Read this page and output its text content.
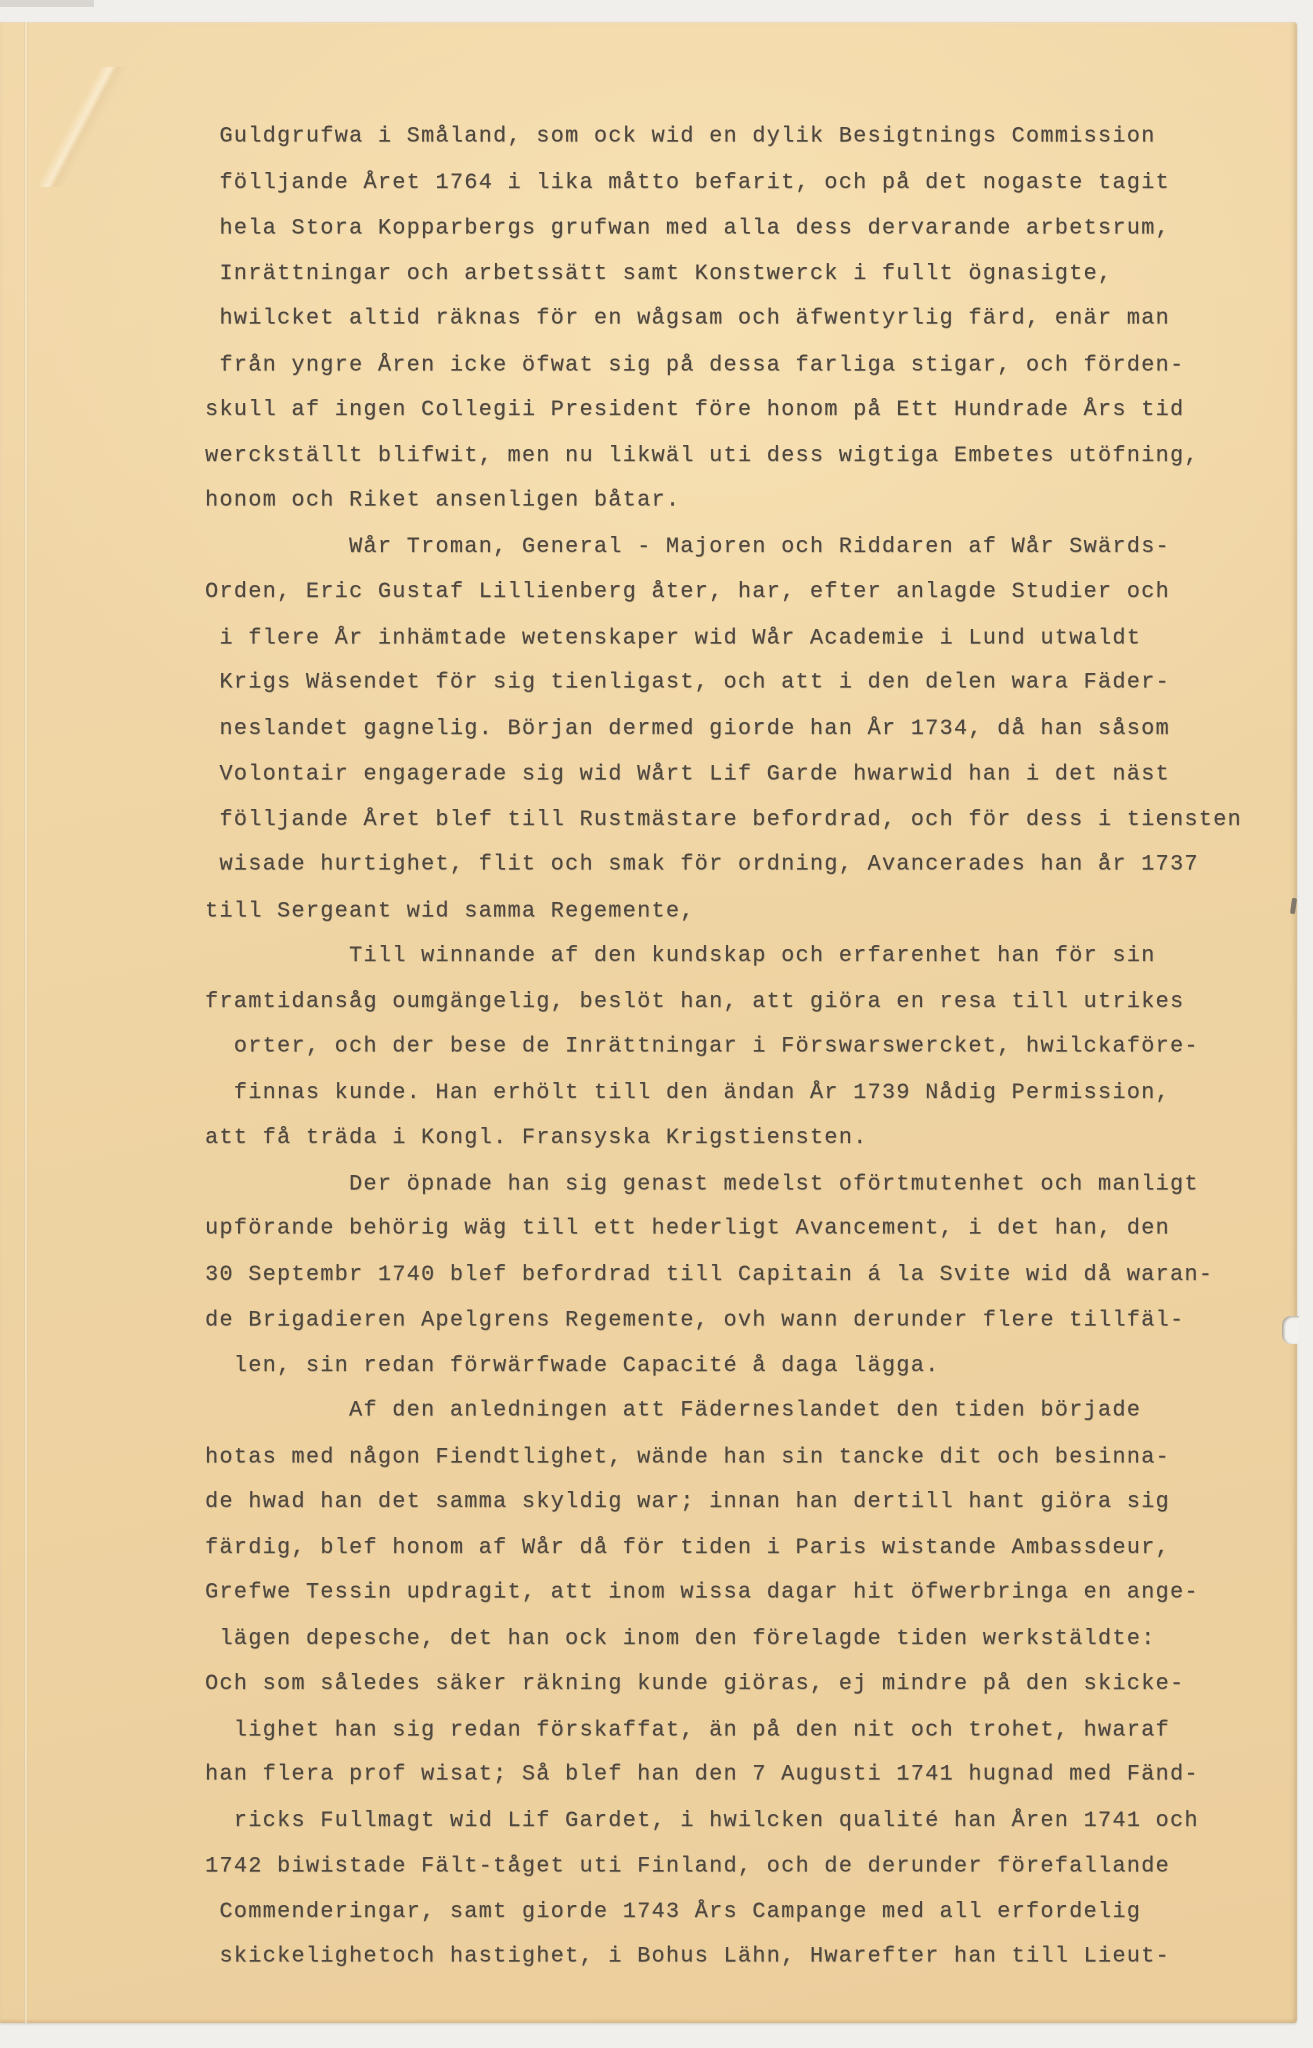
Guldgrufwa i Småland, som ock wid en dylik Besigtnings Commission
fölljande Året 1764 i lika måtto befarit, och på det nogaste tagit
hela Stora Kopparbergs grufwan med alla dess dervarande arbetsrum,
Inrättningar och arbetssätt samt Konstwerck i fullt ögnasigte,
hwilcket altid räknas för en wågsam och äfwentyrlig färd, enär man
från yngre Åren icke öfwat sig på dessa farliga stigar, och förden-
skull af ingen Collegii President före honom på Ett Hundrade Års tid
werckställt blifwit, men nu likwäl uti dess wigtiga Embetes utöfning,
honom och Riket ansenligen båtar.
Wår Troman, General - Majoren och Riddaren af Wår Swärds-
Orden, Eric Gustaf Lillienberg åter, har, efter anlagde Studier och
i flere År inhämtade wetenskaper wid Wår Academie i Lund utwaldt
Krigs Wäsendet för sig tienligast, och att i den delen wara Fäder-
neslandet gagnelig. Början dermed giorde han År 1734, då han såsom
Volontair engagerade sig wid Wårt Lif Garde hwarwid han i det näst
fölljande Året blef till Rustmästare befordrad, och för dess i tiensten
wisade hurtighet, flit och smak för ordning, Avancerades han år 1737
till Sergeant wid samma Regemente,
Till winnande af den kundskap och erfarenhet han för sin
framtidansåg oumgängelig, beslöt han, att giöra en resa till utrikes
orter, och der bese de Inrättningar i Förswarswercket, hwilckaföre-
finnas kunde. Han erhölt till den ändan År 1739 Nådig Permission,
att få träda i Kongl. Fransyska Krigstiensten.
Der öpnade han sig genast medelst oförtmutenhet och manligt
upförande behörig wäg till ett hederligt Avancement, i det han, den
30 Septembr 1740 blef befordrad till Capitain á la Svite wid då waran-
de Brigadieren Apelgrens Regemente, ovh wann derunder flere tillfäl-
len, sin redan förwärfwade Capacité å daga lägga.
Af den anledningen att Fäderneslandet den tiden började
hotas med någon Fiendtlighet, wände han sin tancke dit och besinna-
de hwad han det samma skyldig war; innan han dertill hant giöra sig
färdig, blef honom af Wår då för tiden i Paris wistande Ambassdeur,
Grefwe Tessin updragit, att inom wissa dagar hit öfwerbringa en ange-
lägen depesche, det han ock inom den förelagde tiden werkstäldte:
Och som således säker räkning kunde giöras, ej mindre på den skicke-
lighet han sig redan förskaffat, än på den nit och trohet, hwaraf
han flera prof wisat; Så blef han den 7 Augusti 1741 hugnad med Fänd-
ricks Fullmagt wid Lif Gardet, i hwilcken qualité han Åren 1741 och
1742 biwistade Fält-tåget uti Finland, och de derunder förefallande
Commenderingar, samt giorde 1743 Års Campange med all erfordelig
skickelighetoch hastighet, i Bohus Lähn, Hwarefter han till Lieut-
